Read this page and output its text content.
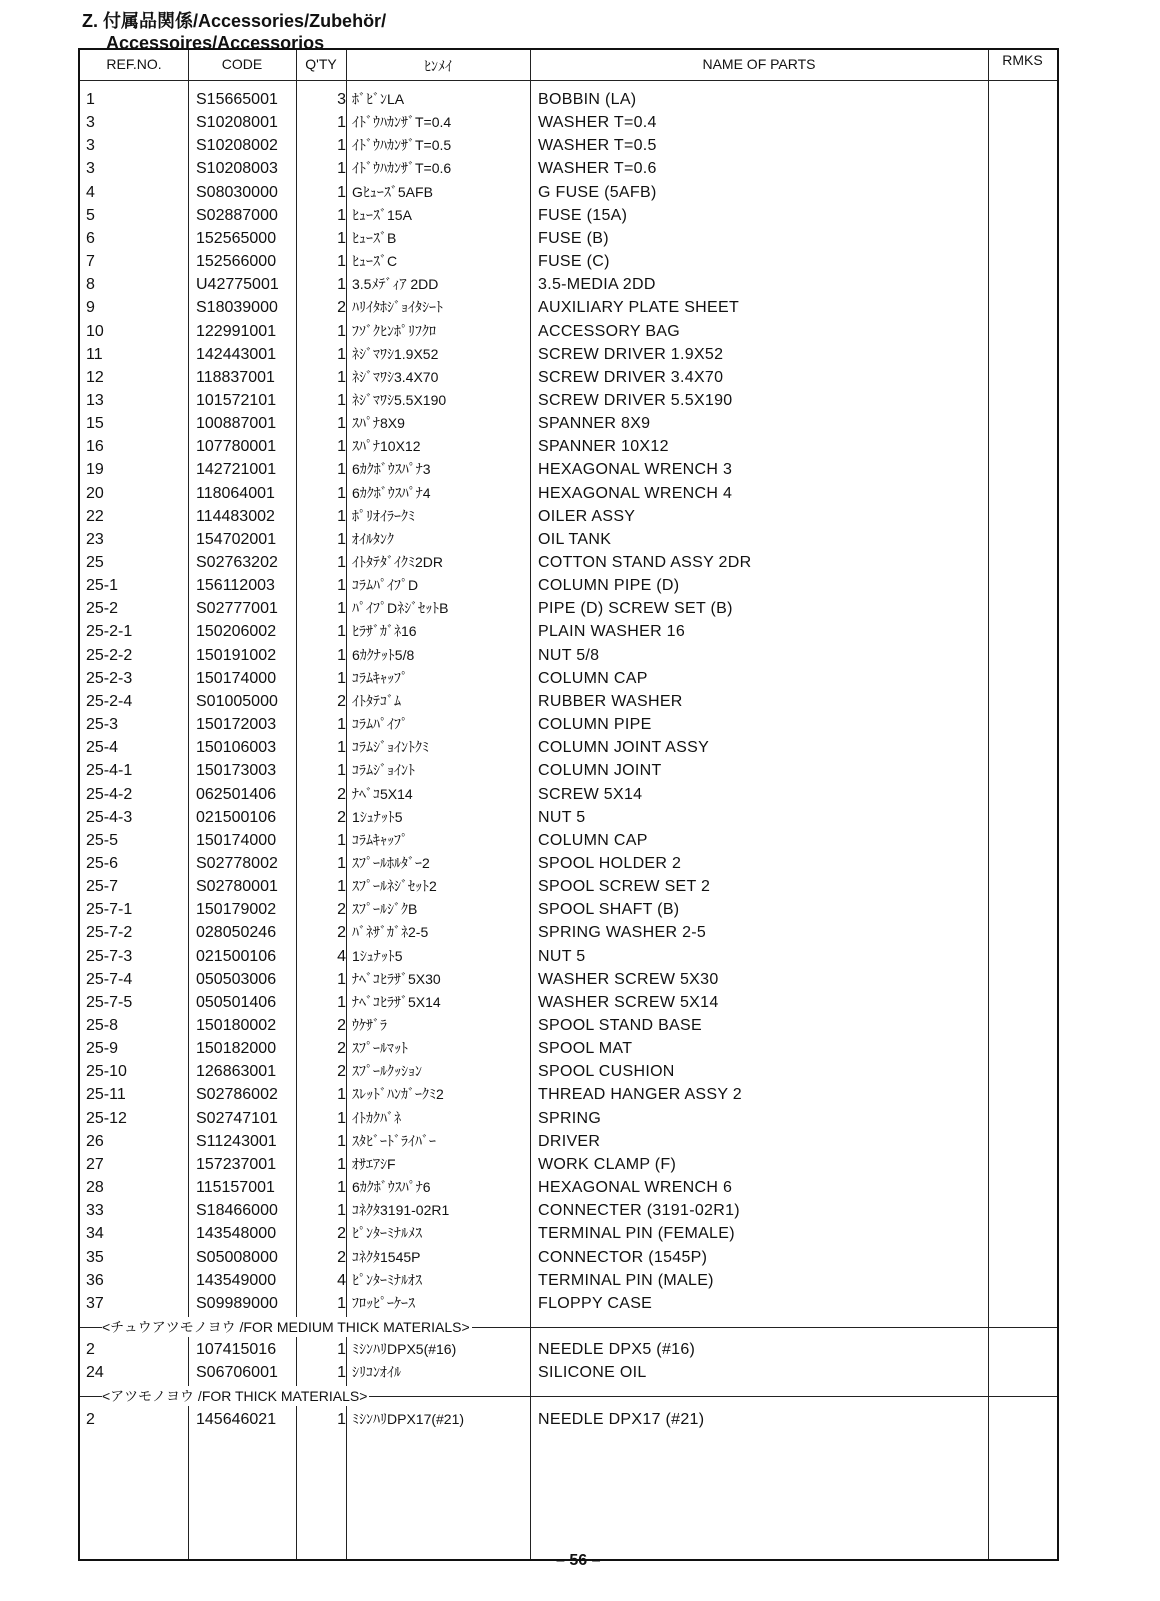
Z. 付属品関係/Accessories/Zubehör/
Accessoires/Accessorios
REF.NO.	CODE	Q'TY	ﾋﾝﾒｲ	NAME OF PARTS	RMKS
1	S15665001	3 ﾎﾞﾋﾞﾝLA	BOBBIN (LA)
3	S10208001	1 ｲﾄﾞｳﾊｶﾝｻﾞT=0.4	WASHER T=0.4
3	S10208002	1 ｲﾄﾞｳﾊｶﾝｻﾞT=0.5	WASHER T=0.5
3	S10208003	1 ｲﾄﾞｳﾊｶﾝｻﾞT=0.6	WASHER T=0.6
4	S08030000	1 Gﾋｭｰｽﾞ5AFB	G FUSE (5AFB)
5	S02887000	1 ﾋｭｰｽﾞ15A	FUSE (15A)
6	152565000	1 ﾋｭｰｽﾞB	FUSE (B)
7	152566000	1 ﾋｭｰｽﾞC	FUSE (C)
8	U42775001	1 3.5ﾒﾃﾞｨｱ 2DD	3.5-MEDIA 2DD
9	S18039000	2 ﾊﾘｲﾀﾎｼﾞｮｲﾀｼｰﾄ	AUXILIARY PLATE SHEET
10	122991001	1 ﾌｿﾞｸﾋﾝﾎﾟﾘﾌｸﾛ	ACCESSORY BAG
11	142443001	1 ﾈｼﾞﾏﾜｼ1.9X52	SCREW DRIVER 1.9X52
12	118837001	1 ﾈｼﾞﾏﾜｼ3.4X70	SCREW DRIVER 3.4X70
13	101572101	1 ﾈｼﾞﾏﾜｼ5.5X190	SCREW DRIVER 5.5X190
15	100887001	1 ｽﾊﾟﾅ8X9	SPANNER 8X9
16	107780001	1 ｽﾊﾟﾅ10X12	SPANNER 10X12
19	142721001	1 6ｶｸﾎﾞｳｽﾊﾟﾅ3	HEXAGONAL WRENCH 3
20	118064001	1 6ｶｸﾎﾞｳｽﾊﾟﾅ4	HEXAGONAL WRENCH 4
22	114483002	1 ﾎﾟﾘｵｲﾗｰｸﾐ	OILER ASSY
23	154702001	1 ｵｲﾙﾀﾝｸ	OIL TANK
25	S02763202	1 ｲﾄﾀﾃﾀﾞｲｸﾐ2DR	COTTON STAND ASSY 2DR
25-1	156112003	1 ｺﾗﾑﾊﾟｲﾌﾟD	COLUMN PIPE (D)
25-2	S02777001	1 ﾊﾟｲﾌﾟDﾈｼﾞｾｯﾄB	PIPE (D) SCREW SET (B)
25-2-1	150206002	1 ﾋﾗｻﾞｶﾞﾈ16	PLAIN WASHER 16
25-2-2	150191002	1 6ｶｸﾅｯﾄ5/8	NUT 5/8
25-2-3	150174000	1 ｺﾗﾑｷｬｯﾌﾟ	COLUMN CAP
25-2-4	S01005000	2 ｲﾄﾀﾃｺﾞﾑ	RUBBER WASHER
25-3	150172003	1 ｺﾗﾑﾊﾟｲﾌﾟ	COLUMN PIPE
25-4	150106003	1 ｺﾗﾑｼﾞｮｲﾝﾄｸﾐ	COLUMN JOINT ASSY
25-4-1	150173003	1 ｺﾗﾑｼﾞｮｲﾝﾄ	COLUMN JOINT
25-4-2	062501406	2 ﾅﾍﾞｺ5X14	SCREW 5X14
25-4-3	021500106	2 1ｼｭﾅｯﾄ5	NUT 5
25-5	150174000	1 ｺﾗﾑｷｬｯﾌﾟ	COLUMN CAP
25-6	S02778002	1 ｽﾌﾟｰﾙﾎﾙﾀﾞｰ2	SPOOL HOLDER 2
25-7	S02780001	1 ｽﾌﾟｰﾙﾈｼﾞｾｯﾄ2	SPOOL SCREW SET 2
25-7-1	150179002	2 ｽﾌﾟｰﾙｼﾞｸB	SPOOL SHAFT (B)
25-7-2	028050246	2 ﾊﾞﾈｻﾞｶﾞﾈ2-5	SPRING WASHER 2-5
25-7-3	021500106	4 1ｼｭﾅｯﾄ5	NUT 5
25-7-4	050503006	1 ﾅﾍﾞｺﾋﾗｻﾞ5X30	WASHER SCREW 5X30
25-7-5	050501406	1 ﾅﾍﾞｺﾋﾗｻﾞ5X14	WASHER SCREW 5X14
25-8	150180002	2 ｳｹｻﾞﾗ	SPOOL STAND BASE
25-9	150182000	2 ｽﾌﾟｰﾙﾏｯﾄ	SPOOL MAT
25-10	126863001	2 ｽﾌﾟｰﾙｸｯｼｮﾝ	SPOOL CUSHION
25-11	S02786002	1 ｽﾚｯﾄﾞﾊﾝｶﾞｰｸﾐ2	THREAD HANGER ASSY 2
25-12	S02747101	1 ｲﾄｶｸﾊﾞﾈ	SPRING
26	S11243001	1 ｽﾀﾋﾞｰﾄﾞﾗｲﾊﾞｰ	DRIVER
27	157237001	1 ｵｻｴｱｼF	WORK CLAMP (F)
28	115157001	1 6ｶｸﾎﾞｳｽﾊﾟﾅ6	HEXAGONAL WRENCH 6
33	S18466000	1 ｺﾈｸﾀ3191-02R1	CONNECTER (3191-02R1)
34	143548000	2 ﾋﾟﾝﾀｰﾐﾅﾙﾒｽ	TERMINAL PIN (FEMALE)
35	S05008000	2 ｺﾈｸﾀ1545P	CONNECTOR (1545P)
36	143549000	4 ﾋﾟﾝﾀｰﾐﾅﾙｵｽ	TERMINAL PIN (MALE)
37	S09989000	1 ﾌﾛｯﾋﾟｰｹｰｽ	FLOPPY CASE
<チュウアツモノヨウ /FOR MEDIUM THICK MATERIALS>
2	107415016	1 ﾐｼﾝﾊﾘDPX5(#16)	NEEDLE DPX5 (#16)
24	S06706001	1 ｼﾘｺﾝｵｲﾙ	SILICONE OIL
<アツモノヨウ /FOR THICK MATERIALS>
2	145646021	1 ﾐｼﾝﾊﾘDPX17(#21)	NEEDLE DPX17 (#21)
– 56 –
